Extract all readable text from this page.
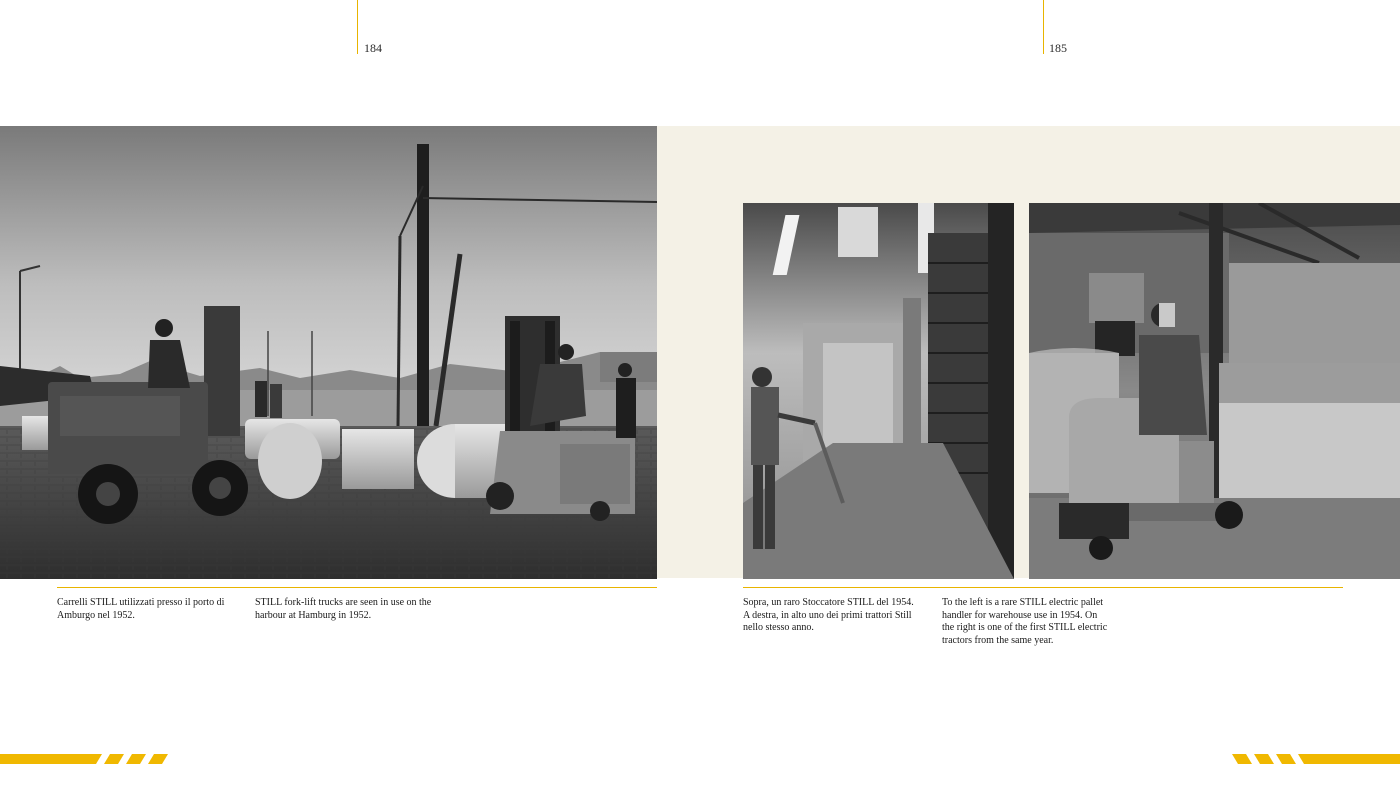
184	185
Carrelli STILL utilizzati presso il porto di
Amburgo nel 1952.
STILL fork-lift trucks are seen in use on the
harbour at Hamburg in 1952.
Sopra, un raro Stoccatore STILL del 1954.
A destra, in alto uno dei primi trattori Still
nello stesso anno.
To the left is a rare STILL electric pallet
handler for warehouse use in 1954. On
the right is one of the first STILL electric
tractors from the same year.
